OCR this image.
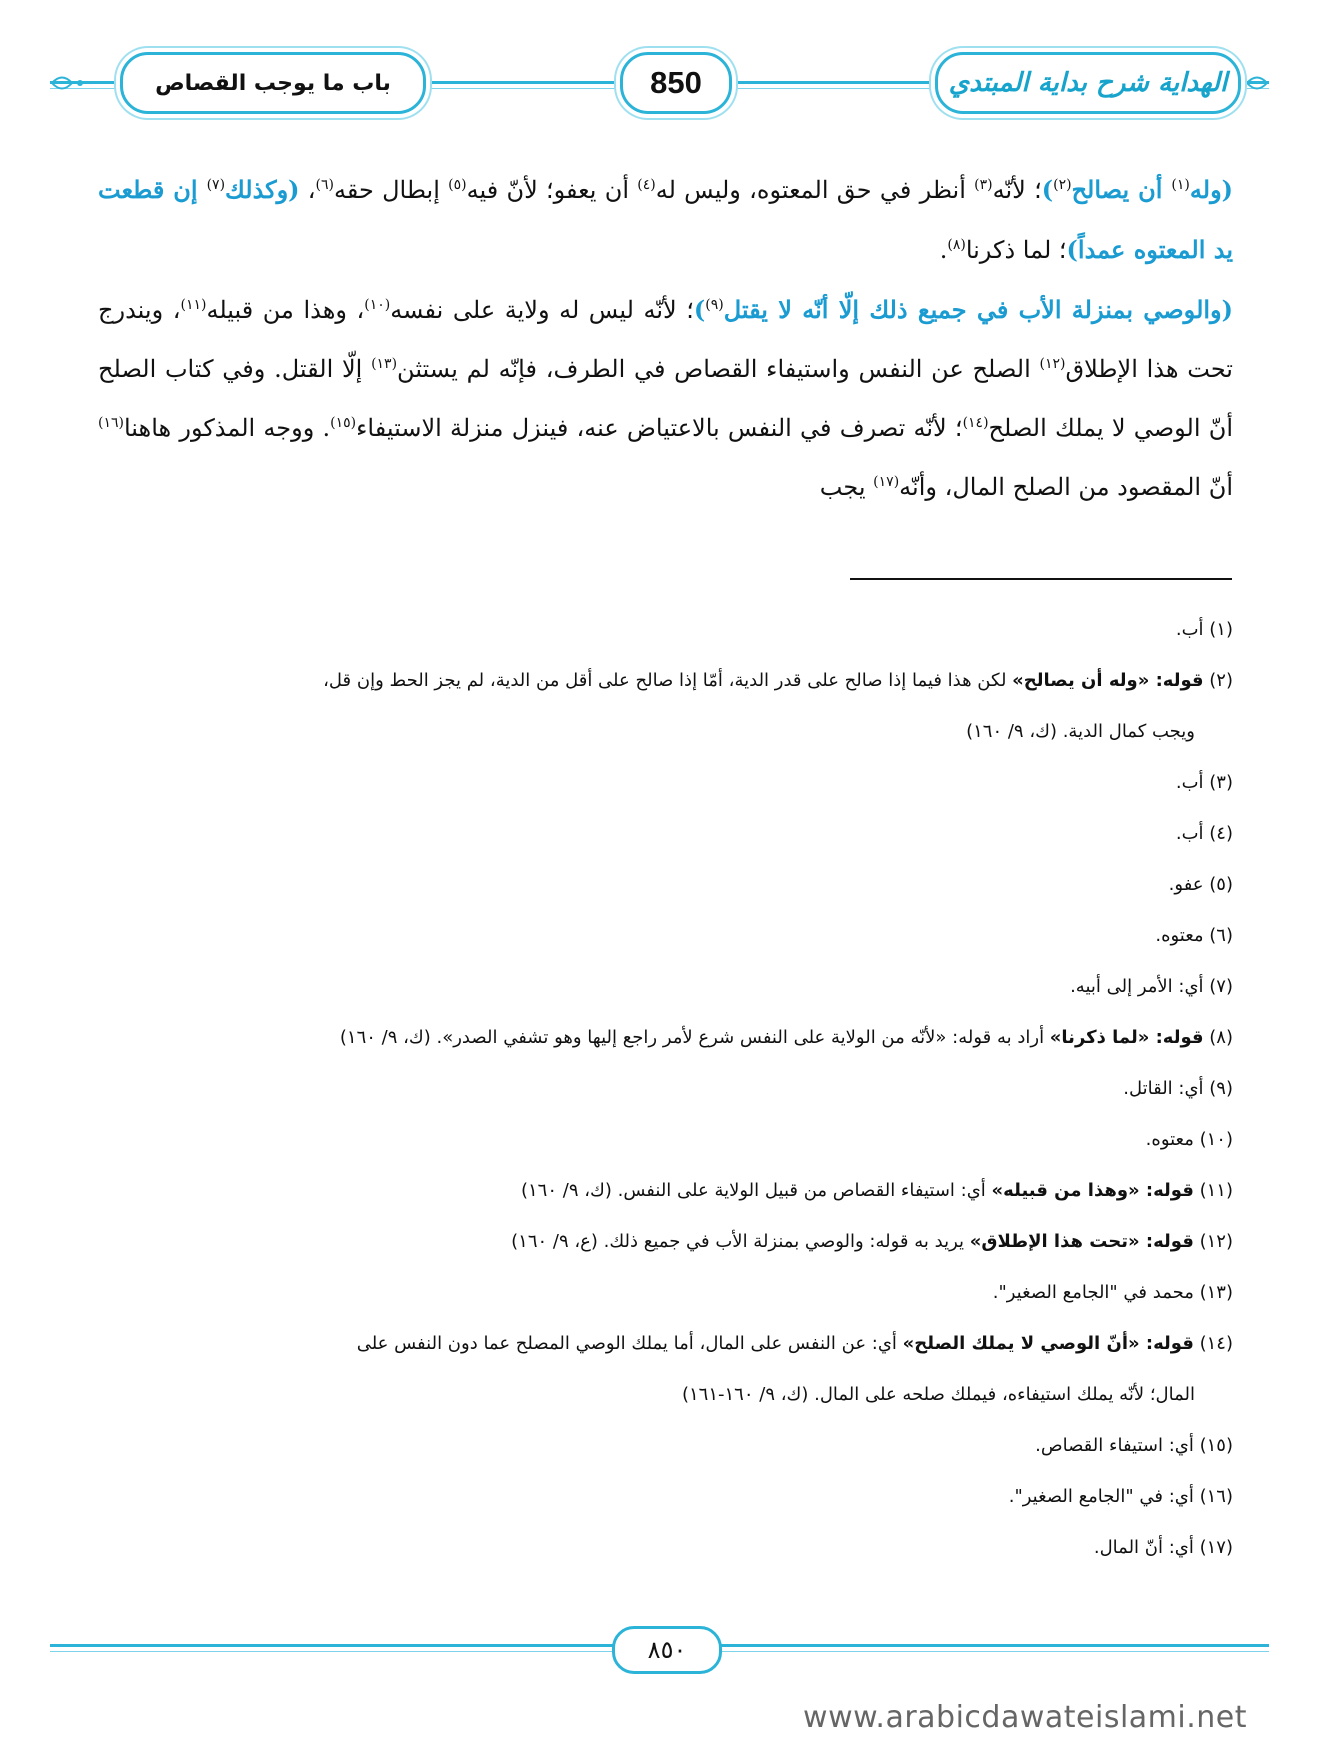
الهداية شرح بداية المبتدي
850
باب ما يوجب القصاص

(وله$^{(١)}$ أن يصالح$^{(٢)}$)؛ لأنّه$^{(٣)}$ أنظر في حق المعتوه، وليس له$^{(٤)}$ أن يعفو؛ لأنّ فيه$^{(٥)}$ إبطال حقه$^{(٦)}$، (وكذلك$^{(٧)}$ إن قطعت يد المعتوه عمداً)؛ لما ذكرنا$^{(٨)}$.

(والوصي بمنزلة الأب في جميع ذلك إلّا أنّه لا يقتل$^{(٩)}$)؛ لأنّه ليس له ولاية على نفسه$^{(١٠)}$، وهذا من قبيله$^{(١١)}$، ويندرج تحت هذا الإطلاق$^{(١٢)}$ الصلح عن النفس واستيفاء القصاص في الطرف، فإنّه لم يستثن$^{(١٣)}$ إلّا القتل. وفي كتاب الصلح أنّ الوصي لا يملك الصلح$^{(١٤)}$؛ لأنّه تصرف في النفس بالاعتياض عنه، فينزل منزلة الاستيفاء$^{(١٥)}$. ووجه المذكور هاهنا$^{(١٦)}$ أنّ المقصود من الصلح المال، وأنّه$^{(١٧)}$ يجب

(١) أب.

(٢) قوله: «وله أن يصالح» لكن هذا فيما إذا صالح على قدر الدية، أمّا إذا صالح على أقل من الدية، لم يجز الحط وإن قل،
ويجب كمال الدية. (ك، ٩/ ١٦٠)

(٣) أب.

(٤) أب.

(٥) عفو.

(٦) معتوه.

(٧) أي: الأمر إلى أبيه.

(٨) قوله: «لما ذكرنا» أراد به قوله: «لأنّه من الولاية على النفس شرع لأمر راجع إليها وهو تشفي الصدر». (ك، ٩/ ١٦٠)

(٩) أي: القاتل.

(١٠) معتوه.

(١١) قوله: «وهذا من قبيله» أي: استيفاء القصاص من قبيل الولاية على النفس. (ك، ٩/ ١٦٠)

(١٢) قوله: «تحت هذا الإطلاق» يريد به قوله: والوصي بمنزلة الأب في جميع ذلك. (ع، ٩/ ١٦٠)

(١٣) محمد في "الجامع الصغير".

(١٤) قوله: «أنّ الوصي لا يملك الصلح» أي: عن النفس على المال، أما يملك الوصي المصلح عما دون النفس على
المال؛ لأنّه يملك استيفاءه، فيملك صلحه على المال. (ك، ٩/ ١٦٠-١٦١)

(١٥) أي: استيفاء القصاص.

(١٦) أي: في "الجامع الصغير".

(١٧) أي: أنّ المال.

٨٥٠
www.arabicdawateislami.net
